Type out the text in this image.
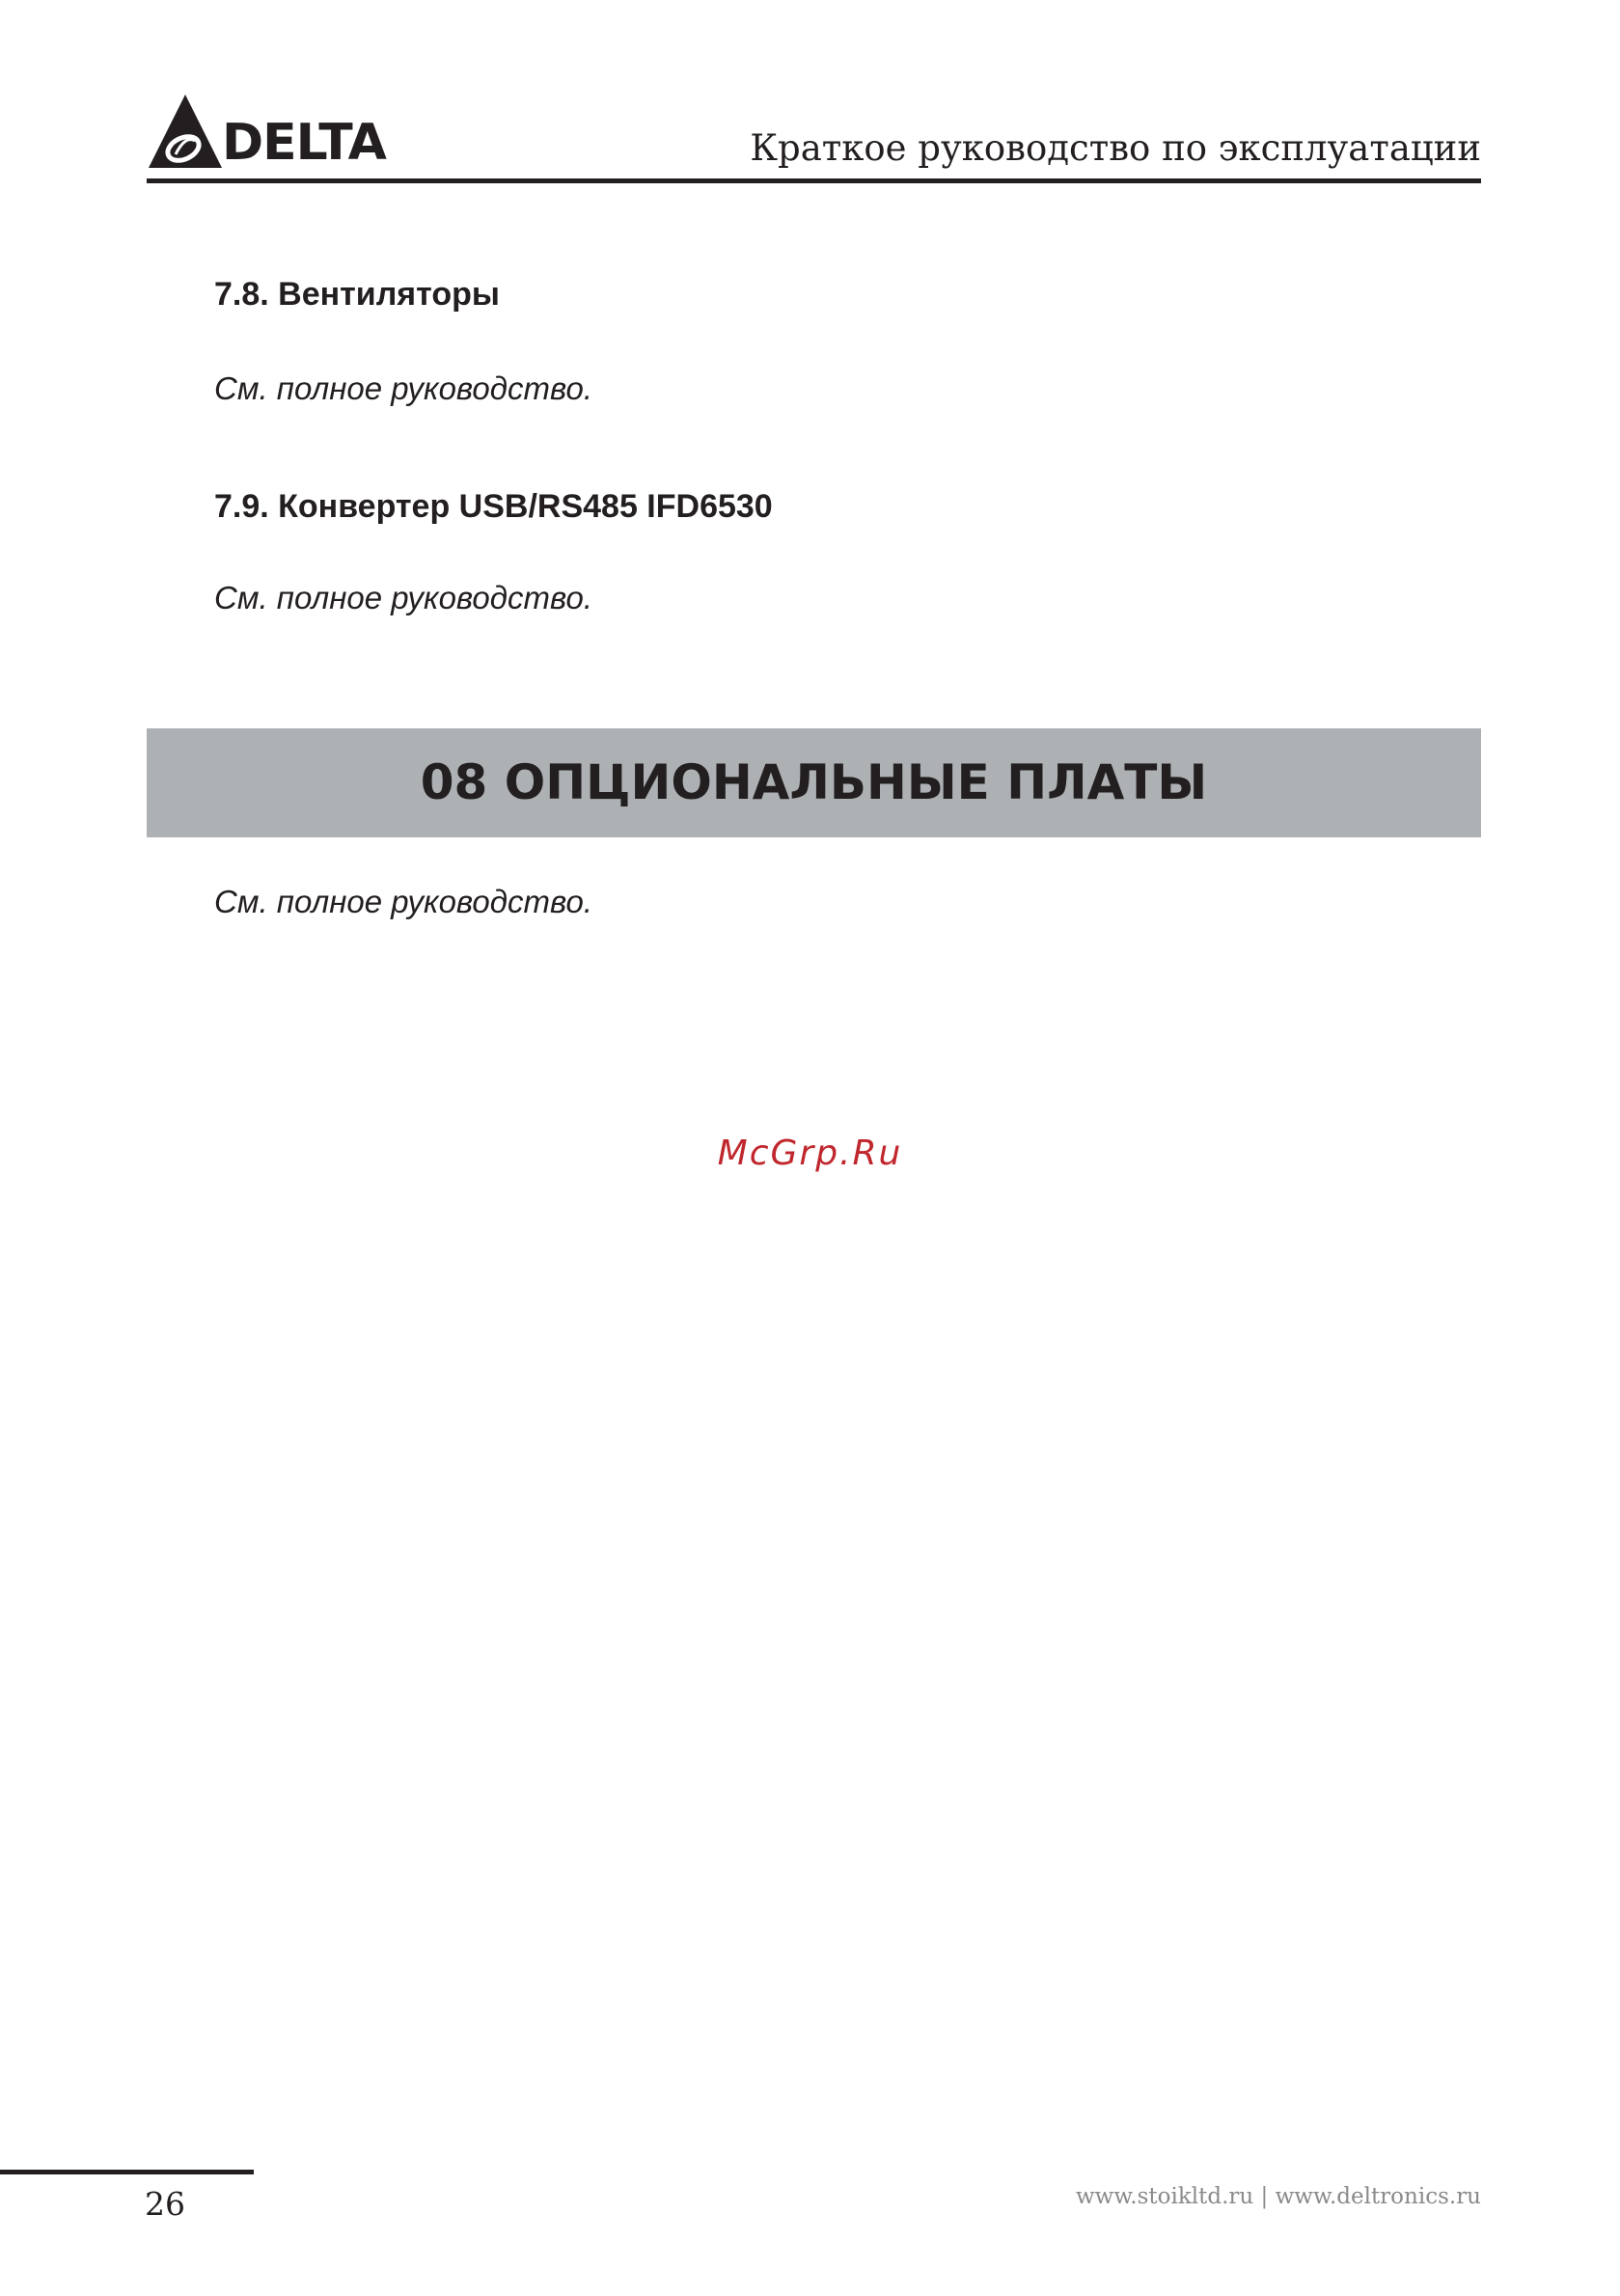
DELTA	Краткое руководство по эксплуатации
7.8. Вентиляторы
См. полное руководство.
7.9. Конвертер USB/RS485 IFD6530
См. полное руководство.
08 ОПЦИОНАЛЬНЫЕ ПЛАТЫ
См. полное руководство.
McGrp.Ru
26	www.stoikltd.ru | www.deltronics.ru
